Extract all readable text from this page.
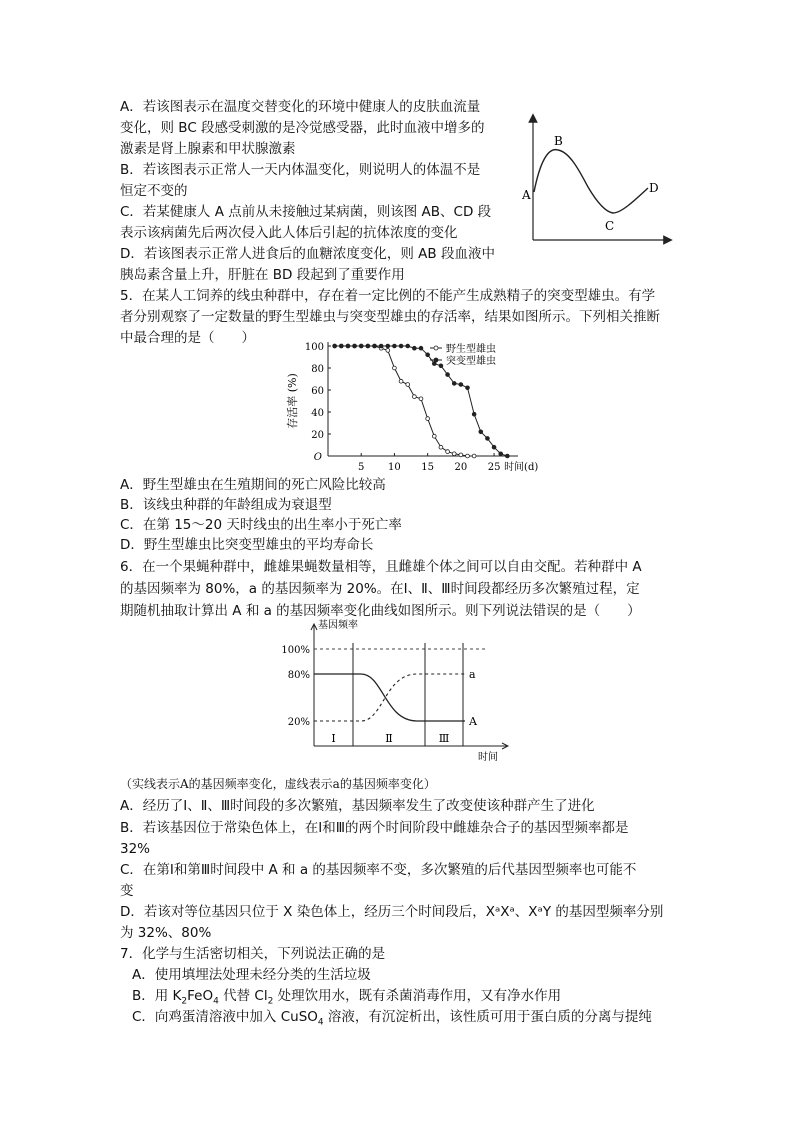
A．若该图表示在温度交替变化的环境中健康人的皮肤血流量
变化，则 BC 段感受刺激的是冷觉感受器，此时血液中增多的
激素是肾上腺素和甲状腺激素
B．若该图表示正常人一天内体温变化，则说明人的体温不是
恒定不变的
C．若某健康人 A 点前从未接触过某病菌，则该图 AB、CD 段
表示该病菌先后两次侵入此人体后引起的抗体浓度的变化
D．若该图表示正常人进食后的血糖浓度变化，则 AB 段血液中
胰岛素含量上升，肝脏在 BD 段起到了重要作用
A
B
C
D
5．在某人工饲养的线虫种群中，存在着一定比例的不能产生成熟精子的突变型雄虫。有学
者分别观察了一定数量的野生型雄虫与突变型雄虫的存活率，结果如图所示。下列相关推断
中最合理的是（　　）
20
40
60
80
100
O
5 10 15 20 25 时间(d)
存活率 (%)
野生型雄虫
突变型雄虫
A．野生型雄虫在生殖期间的死亡风险比较高
B．该线虫种群的年龄组成为衰退型
C．在第 15～20 天时线虫的出生率小于死亡率
D．野生型雄虫比突变型雄虫的平均寿命长
6．在一个果蝇种群中，雌雄果蝇数量相等，且雌雄个体之间可以自由交配。若种群中 A
的基因频率为 80%，a 的基因频率为 20%。在Ⅰ、Ⅱ、Ⅲ时间段都经历多次繁殖过程，定
期随机抽取计算出 A 和 a 的基因频率变化曲线如图所示。则下列说法错误的是（　　）
基因频率
时间
100%
80%
20%
a
A
Ⅰ	Ⅱ	Ⅲ
（实线表示A的基因频率变化，虚线表示a的基因频率变化）
A．经历了Ⅰ、Ⅱ、Ⅲ时间段的多次繁殖，基因频率发生了改变使该种群产生了进化
B．若该基因位于常染色体上，在Ⅰ和Ⅲ的两个时间阶段中雌雄杂合子的基因型频率都是
32%
C．在第Ⅰ和第Ⅲ时间段中 A 和 a 的基因频率不变，多次繁殖的后代基因型频率也可能不
变
D．若该对等位基因只位于 X 染色体上，经历三个时间段后，XᵃXᵃ、XᵃY 的基因型频率分别
为 32%、80%
7．化学与生活密切相关，下列说法正确的是
A．使用填埋法处理未经分类的生活垃圾
B．用 $K_2FeO_4$ 代替 $Cl_2$ 处理饮用水，既有杀菌消毒作用，又有净水作用
C．向鸡蛋清溶液中加入 CuSO$_4$ 溶液，有沉淀析出，该性质可用于蛋白质的分离与提纯
